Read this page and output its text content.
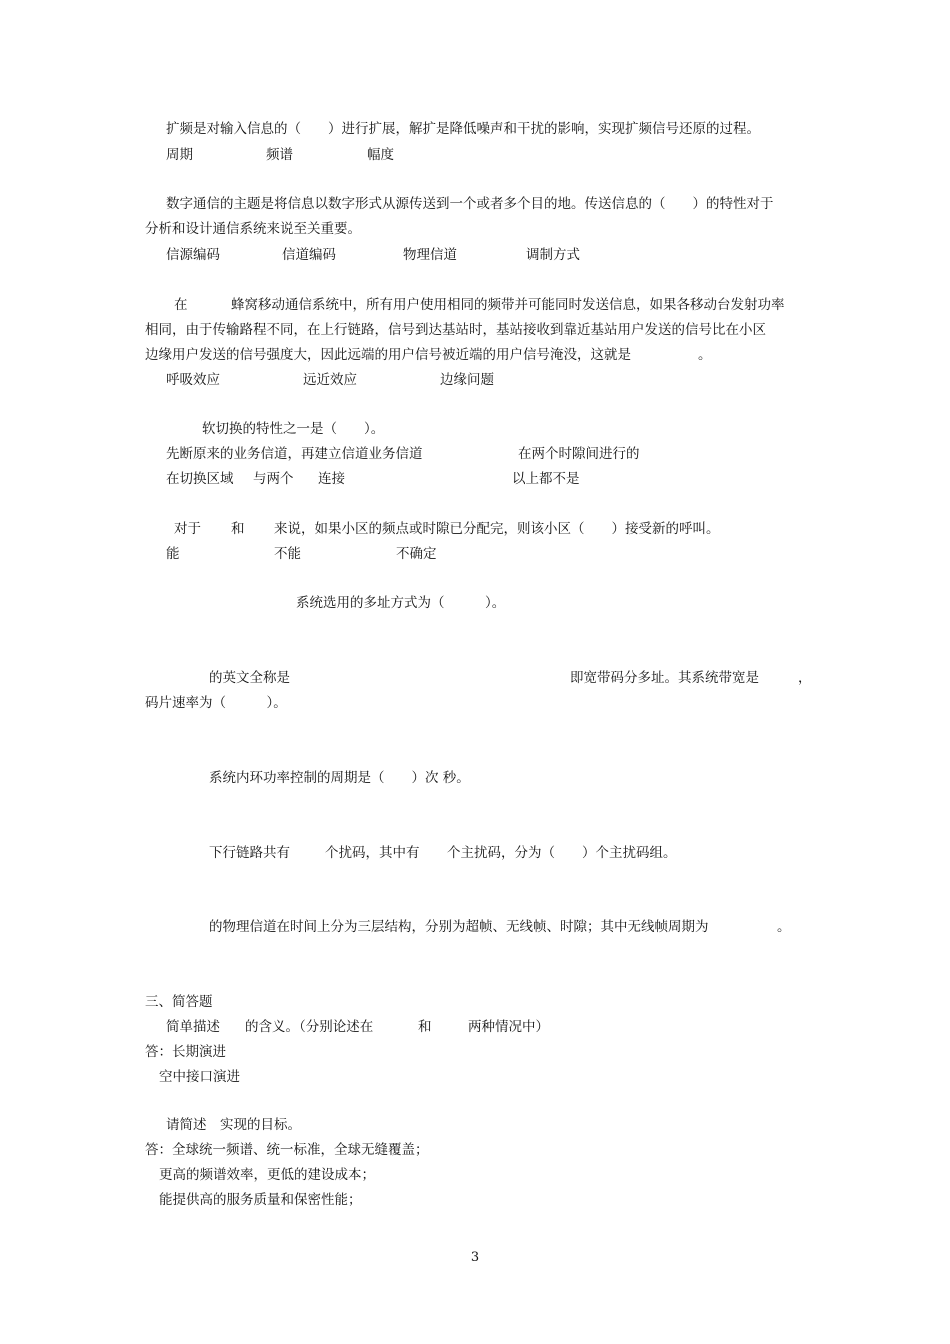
扩频是对输入信息的（　　）进行扩展，解扩是降低噪声和干扰的影响，实现扩频信号还原的过程。
周期	频谱	幅度
数字通信的主题是将信息以数字形式从源传送到一个或者多个目的地。传送信息的（　　）的特性对于
分析和设计通信系统来说至关重要。
信源编码	信道编码	物理信道	调制方式
在	蜂窝移动通信系统中，所有用户使用相同的频带并可能同时发送信息，如果各移动台发射功率
相同，由于传输路程不同，在上行链路，信号到达基站时，基站接收到靠近基站用户发送的信号比在小区
边缘用户发送的信号强度大，因此远端的用户信号被近端的用户信号淹没，这就是	。
呼吸效应	远近效应	边缘问题
软切换的特性之一是（　　）。
先断原来的业务信道，再建立信道业务信道	在两个时隙间进行的
在切换区域 与两个 连接	以上都不是
对于 和 来说，如果小区的频点或时隙已分配完，则该小区（　　）接受新的呼叫。
能	不能	不确定
系统选用的多址方式为（　　　）。
的英文全称是	即宽带码分多址。其系统带宽是	，
码片速率为（　　　）。
系统内环功率控制的周期是（　　）次 秒。
下行链路共有	个扰码，其中有 个主扰码，分为（　　）个主扰码组。
的物理信道在时间上分为三层结构，分别为超帧、无线帧、时隙；其中无线帧周期为	。
三、简答题
简单描述 的含义。（分别论述在	和	两种情况中）
答：长期演进
空中接口演进
请简述　实现的目标。
答：全球统一频谱、统一标准，全球无缝覆盖；
更高的频谱效率，更低的建设成本；
能提供高的服务质量和保密性能；
3
